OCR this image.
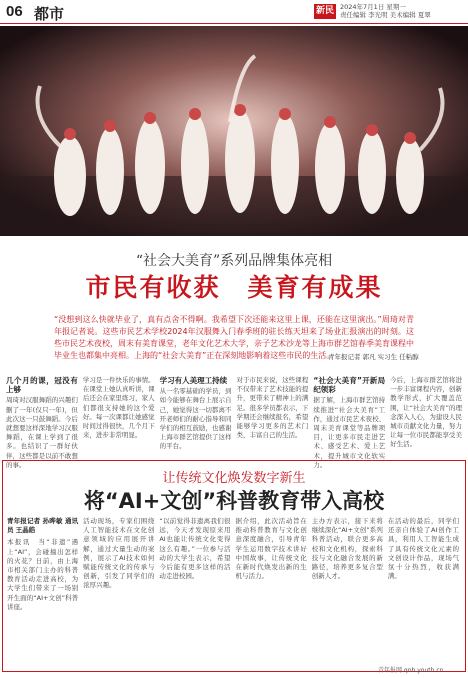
06 都市	新民 2024年7月1日 星期一
责任编辑 李光明 美术编辑 夏翠
“社会大美育”系列品牌集体亮相
市民有收获　美育有成果

“没想到这么快就毕业了，真有点舍不得啊。我希望下次还能来这里上课，还能在这里演出。”周琦对青年报记者说。这些市民艺术学校2024年汉服舞入门春季班的驻长练天坦来了场业汇报演出的时刻。这些市民艺术夜校，周末有美育课堂，老年文化艺术大学，亲子艺术沙龙等上海市群艺馆春季美育课程中毕业生也都集中亮相。上海的“社会大美育”正在深刻地影响着这些市民的生活。

青年报记者 郭凡 实习生 任粘醇
几个月的课，冠没有上够
周琦对汉服舞蹈的兴趣们删了一年(仅只一年)，但此次这一只鼓舞蹈。今后就想要这样深地学习汉服舞蹈，在课上学到了很多。也结识了一群好伙伴，这些都是以前不敢想的事。
学习是一件快乐的事情。在课堂上她认真听讲，课后还会在家里练习，家人们都很支持她的这个爱好。每一次课都让她感觉时间过得很快，几个月下来，进步非常明显。
学习有人美理工持续
从一名零基础的学员，到如今能够在舞台上展示自己，她觉得这一切都离不开老师们的耐心指导和同学们的相互鼓励，也感谢上海市群艺馆提供了这样的平台。
对于市民来说，这些课程不仅带来了艺术技能的提升，更带来了精神上的满足。很多学员都表示，下学期还会继续报名，希望能够学习更多的艺术门类，丰富自己的生活。
“社会大美育”开新局纪领彩
据了解，上海市群艺馆持续推进“社会大美育”工作，通过市民艺术夜校、周末美育课堂等品牌项目，让更多市民走进艺术、感受艺术、爱上艺术，提升城市文化软实力。
今后，上海市群艺馆将进一步丰富课程内容，创新教学形式，扩大覆盖范围，让“社会大美育”的理念深入人心，为建设人民城市贡献文化力量，努力让每一位市民都能享受美好生活。
让传统文化焕发数字新生
将“AI+文创”科普教育带入高校
青年报记者 孙晔敏 通讯员 王晶皓
本报讯　当“非遗”遇上“AI”，会碰撞出怎样的火花？日前，由上海市相关部门主办的科普教育活动走进高校，为大学生们带来了一场别开生面的“AI+文创”科普讲座。
活动现场，专家们围绕人工智能技术在文化创意领域的应用展开讲解，通过大量生动的案例，展示了AI技术如何赋能传统文化的传承与创新，引发了同学们的浓厚兴趣。
“以前觉得非遗离我们很远，今天才发现原来用AI也能让传统文化变得这么有趣。”一位参与活动的大学生表示，希望今后能有更多这样的活动走进校园。
据介绍，此次活动旨在推动科普教育与文化创意深度融合，引导青年学生运用数字技术讲好中国故事，让传统文化在新时代焕发出新的生机与活力。
主办方表示，接下来将继续深化“AI+文创”系列科普活动，联合更多高校和文化机构，探索科技与文化融合发展的新路径，培养更多复合型创新人才。
在活动的最后，同学们还亲自体验了AI创作工具，利用人工智能生成了具有传统文化元素的文创设计作品，现场气氛十分热烈，收获满满。
青年报网 qnb.youth.cn
